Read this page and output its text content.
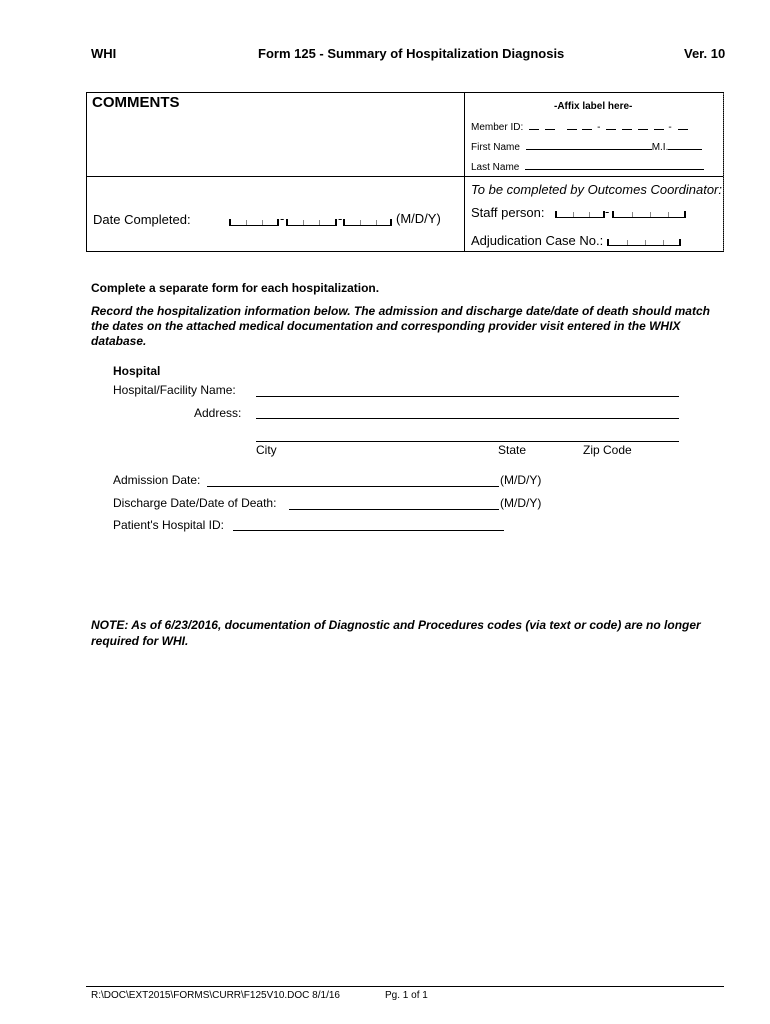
WHI	Form 125 - Summary of Hospitalization Diagnosis	Ver. 10
COMMENTS	-Affix label here-
Member ID:	-	-
First Name	M.I.
Last Name
Date Completed:	-	-	(M/D/Y)
To be completed by Outcomes Coordinator:
Staff person:	-
Adjudication Case No.:
Complete a separate form for each hospitalization.
Record the hospitalization information below. The admission and discharge date/date of death should match the dates on the attached medical documentation and corresponding provider visit entered in the WHIX database.
Hospital
Hospital/Facility Name:
Address:
City	State	Zip Code
Admission Date:	(M/D/Y)
Discharge Date/Date of Death:	(M/D/Y)
Patient's Hospital ID:
NOTE: As of 6/23/2016, documentation of Diagnostic and Procedures codes (via text or code) are no longer required for WHI.
R:\DOC\EXT2015\FORMS\CURR\F125V10.DOC 8/1/16	Pg. 1 of 1
